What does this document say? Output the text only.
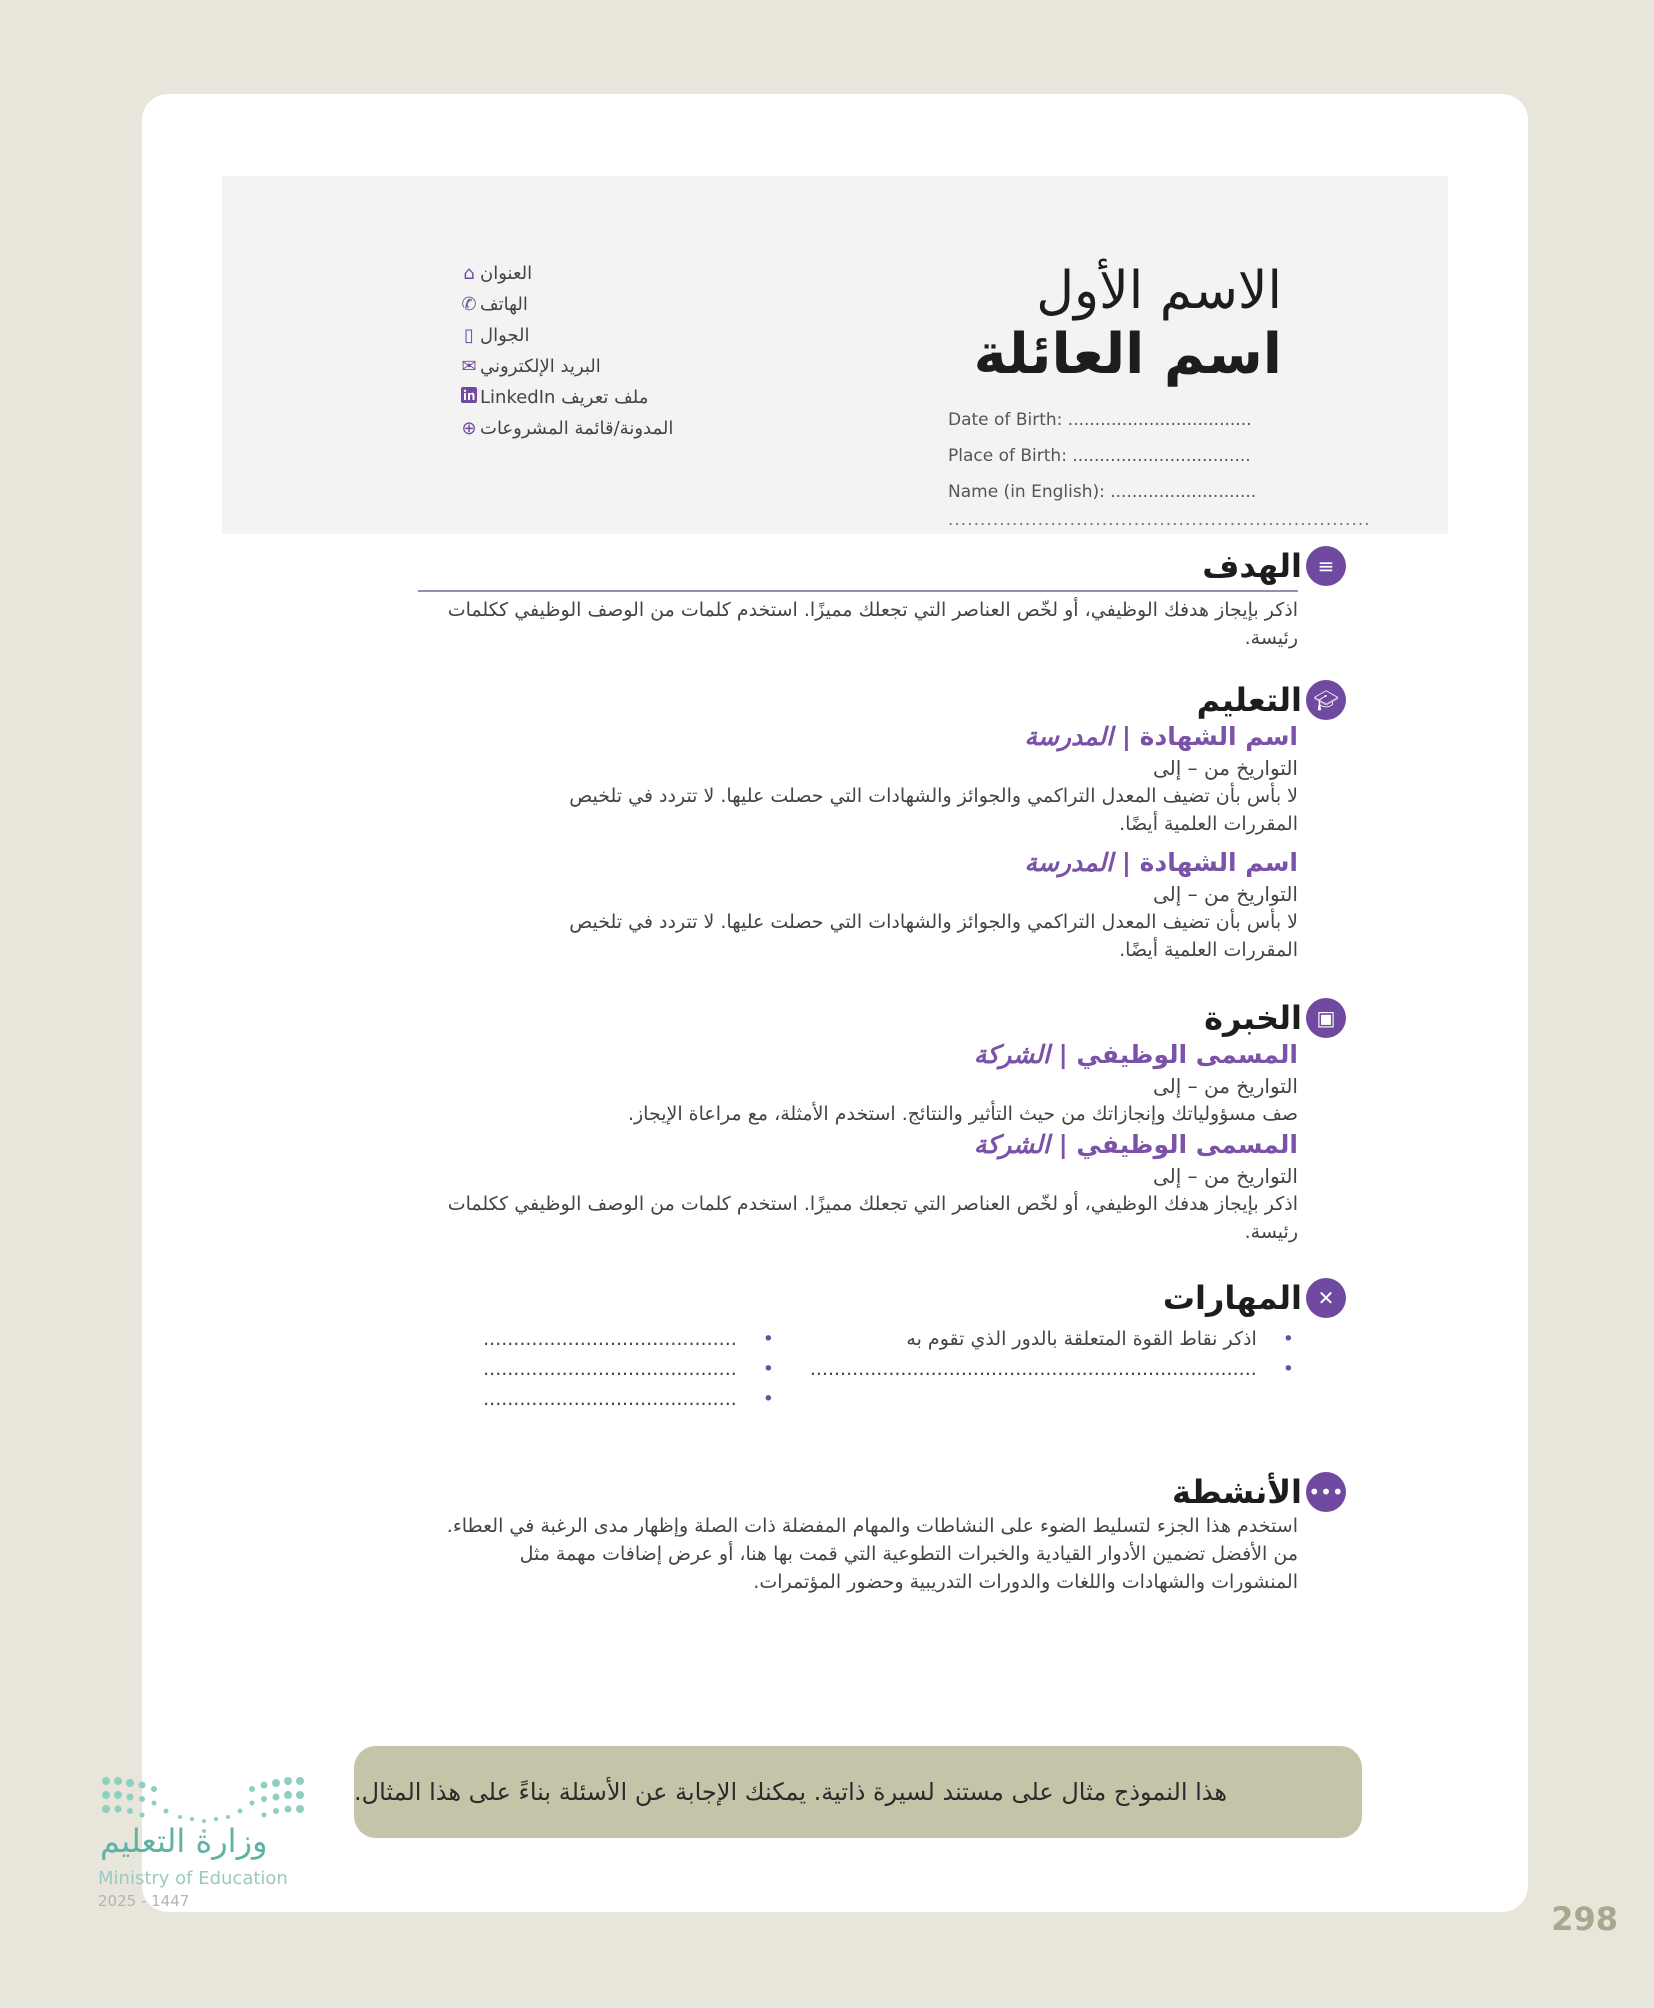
الاسم الأول
اسم العائلة
Date of Birth: ..................................
Place of Birth: .................................
Name (in English): ...........................
..................................................................
العنوان
⌂
الهاتف
✆
الجوال
▯
البريد الإلكتروني
✉
ملف تعريف LinkedIn
المدونة/قائمة المشروعات
⊕
≡
الهدف
اذكر بإيجاز هدفك الوظيفي، أو لخّص العناصر التي تجعلك مميزًا. استخدم كلمات من الوصف الوظيفي ككلمات رئيسة.
🎓︎
التعليم
اسم الشهادة | المدرسة
التواريخ من – إلى
لا بأس بأن تضيف المعدل التراكمي والجوائز والشهادات التي حصلت عليها. لا تتردد في تلخيص المقررات العلمية أيضًا.
اسم الشهادة | المدرسة
التواريخ من – إلى
لا بأس بأن تضيف المعدل التراكمي والجوائز والشهادات التي حصلت عليها. لا تتردد في تلخيص المقررات العلمية أيضًا.
▣
الخبرة
المسمى الوظيفي | الشركة
التواريخ من – إلى
صف مسؤولياتك وإنجازاتك من حيث التأثير والنتائج. استخدم الأمثلة، مع مراعاة الإيجاز.
المسمى الوظيفي | الشركة
التواريخ من – إلى
اذكر بإيجاز هدفك الوظيفي، أو لخّص العناصر التي تجعلك مميزًا. استخدم كلمات من الوصف الوظيفي ككلمات رئيسة.
✕
المهارات
•اذكر نقاط القوة المتعلقة بالدور الذي تقوم به
•..........................................................................
•..........................................
•..........................................
•..........................................
•••
الأنشطة
استخدم هذا الجزء لتسليط الضوء على النشاطات والمهام المفضلة ذات الصلة وإظهار مدى الرغبة في العطاء. من الأفضل تضمين الأدوار القيادية والخبرات التطوعية التي قمت بها هنا، أو عرض إضافات مهمة مثل المنشورات والشهادات واللغات والدورات التدريبية وحضور المؤتمرات.
هذا النموذج مثال على مستند لسيرة ذاتية. يمكنك الإجابة عن الأسئلة بناءً على هذا المثال.
وزارة التعليم
Ministry of Education
2025 - 1447	298
